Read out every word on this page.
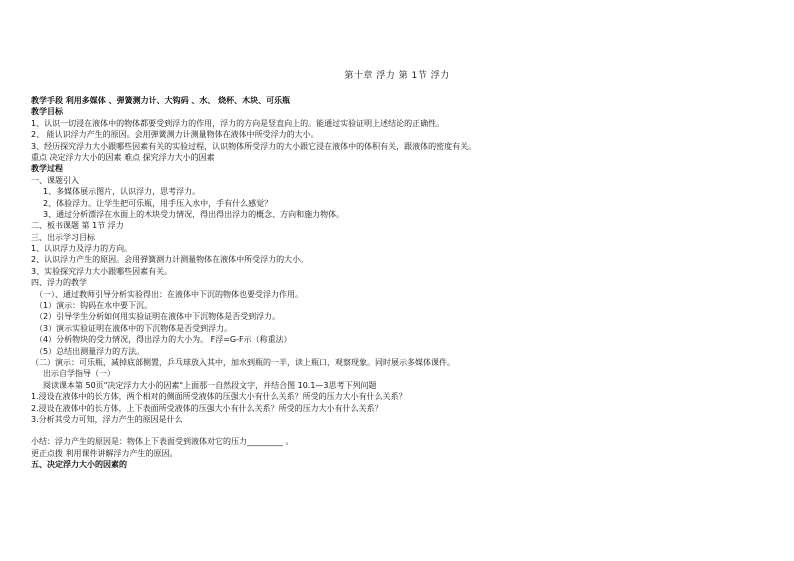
第十章 浮力 第 1节 浮力
教学手段 利用多媒体 、弹簧测力计、大钩码 、水、 烧杯、木块、可乐瓶
教学目标
1、认识一切浸在液体中的物体都要受到浮力的作用，浮力的方向是竖直向上的。能通过实验证明上述结论的正确性。
2、 能认识浮力产生的原因。会用弹簧测力计测量物体在液体中所受浮力的大小。
3、经历探究浮力大小跟哪些因素有关的实验过程，认识物体所受浮力的大小跟它浸在液体中的体积有关，跟液体的密度有关。
重点 决定浮力大小的因素 难点 探究浮力大小的因素
教学过程
一、课题引入
1、多媒体展示图片，认识浮力，思考浮力。
2、体验浮力。让学生把可乐瓶，用手压入水中，手有什么感觉？
3、通过分析漂浮在水面上的木块受力情况，得出得出浮力的概念、方向和施力物体。
二、板书课题 第 1节 浮力
三、出示学习目标
1、认识浮力及浮力的方向。
2、认识浮力产生的原因。会用弹簧测力计测量物体在液体中所受浮力的大小。
3、实验探究浮力大小跟哪些因素有关。
四、浮力的教学
（一）、通过教师引导分析实验得出：在液体中下沉的物体也要受浮力作用。
（1）演示：钩码在水中要下沉。
（2）引导学生分析如何用实验证明在液体中下沉物体是否受到浮力。
（3）演示实验证明在液体中的下沉物体是否受到浮力。
（4）分析物块的受力情况，得出浮力的大小为。 F浮=G-F示（称重法）
（5）总结出测量浮力的方法。
（二）演示：可乐瓶，减掉底部侧置，乒乓球放入其中，加水到瓶的一半，读上瓶口，观察现象。同时展示多媒体课件。
出示自学指导（一）
阅读课本第 50页"决定浮力大小的因素"上面那一自然段文字，并结合图 10.1—3思考下列问题
1.浸设在液体中的长方体，两个相对的侧面所受液体的压强大小有什么关系？所受的压力大小有什么关系？
2.浸设在液体中的长方体，上下表面所受液体的压强大小有什么关系？所受的压力大小有什么关系？
3.分析其受力可知，浮力产生的原因是什么
小结：浮力产生的原因是：物体上下表面受到液体对它的压力_________ 。
更正点拨 利用课件讲解浮力产生的原因。
五、决定浮力大小的因素的
